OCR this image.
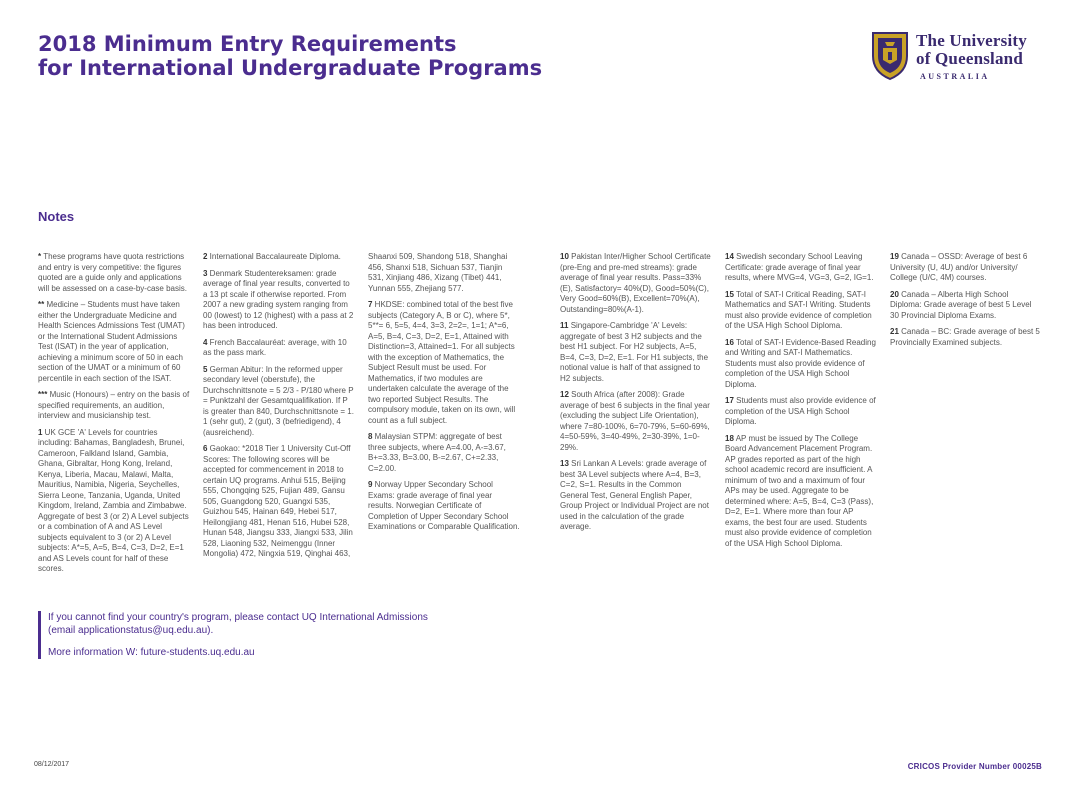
2018 Minimum Entry Requirements
for International Undergraduate Programs
The University
of Queensland
AUSTRALIA
Notes

* These programs have quota restrictions and entry is very competitive: the figures quoted are a guide only and applications will be assessed on a case-by-case basis.

** Medicine – Students must have taken either the Undergraduate Medicine and Health Sciences Admissions Test (UMAT) or the International Student Admissions Test (ISAT) in the year of application, achieving a minimum score of 50 in each section of the UMAT or a minimum of 60 percentile in each section of the ISAT.

*** Music (Honours) – entry on the basis of specified requirements, an audition, interview and musicianship test.

1 UK GCE 'A' Levels for countries including: Bahamas, Bangladesh, Brunei, Cameroon, Falkland Island, Gambia, Ghana, Gibraltar, Hong Kong, Ireland, Kenya, Liberia, Macau, Malawi, Malta, Mauritius, Namibia, Nigeria, Seychelles, Sierra Leone, Tanzania, Uganda, United Kingdom, Ireland, Zambia and Zimbabwe. Aggregate of best 3 (or 2) A Level subjects or a combination of A and AS Level subjects equivalent to 3 (or 2) A Level subjects: A*=5, A=5, B=4, C=3, D=2, E=1 and AS Levels count for half of these scores.

2 International Baccalaureate Diploma.

3 Denmark Studentereksamen: grade average of final year results, converted to a 13 pt scale if otherwise reported. From 2007 a new grading system ranging from 00 (lowest) to 12 (highest) with a pass at 2 has been introduced.

4 French Baccalauréat: average, with 10 as the pass mark.

5 German Abitur: In the reformed upper secondary level (oberstufe), the Durchschnittsnote = 5 2/3 - P/180 where P = Punktzahl der Gesamtqualifikation. If P is greater than 840, Durchschnittsnote = 1. 1 (sehr gut), 2 (gut), 3 (befriedigend), 4 (ausreichend).

6 Gaokao: *2018 Tier 1 University Cut-Off Scores: The following scores will be accepted for commencement in 2018 to certain UQ programs. Anhui 515, Beijing 555, Chongqing 525, Fujian 489, Gansu 505, Guangdong 520, Guangxi 535, Guizhou 545, Hainan 649, Hebei 517, Heilongjiang 481, Henan 516, Hubei 528, Hunan 548, Jiangsu 333, Jiangxi 533, Jilin 528, Liaoning 532, Neimenggu (Inner Mongolia) 472, Ningxia 519, Qinghai 463,

Shaanxi 509, Shandong 518, Shanghai 456, Shanxi 518, Sichuan 537, Tianjin 531, Xinjiang 486, Xizang (Tibet) 441, Yunnan 555, Zhejiang 577.

7 HKDSE: combined total of the best five subjects (Category A, B or C), where 5*, 5**= 6, 5=5, 4=4, 3=3, 2=2=, 1=1; A*=6, A=5, B=4, C=3, D=2, E=1, Attained with Distinction=3, Attained=1. For all subjects with the exception of Mathematics, the Subject Result must be used. For Mathematics, if two modules are undertaken calculate the average of the two reported Subject Results. The compulsory module, taken on its own, will count as a full subject.

8 Malaysian STPM: aggregate of best three subjects, where A=4.00, A-=3.67, B+=3.33, B=3.00, B-=2.67, C+=2.33, C=2.00.

9 Norway Upper Secondary School Exams: grade average of final year results. Norwegian Certificate of Completion of Upper Secondary School Examinations or Comparable Qualification.

10 Pakistan Inter/Higher School Certificate (pre-Eng and pre-med streams): grade average of final year results. Pass=33%(E), Satisfactory= 40%(D), Good=50%(C), Very Good=60%(B), Excellent=70%(A), Outstanding=80%(A-1).

11 Singapore-Cambridge 'A' Levels: aggregate of best 3 H2 subjects and the best H1 subject. For H2 subjects, A=5, B=4, C=3, D=2, E=1. For H1 subjects, the notional value is half of that assigned to H2 subjects.

12 South Africa (after 2008): Grade average of best 6 subjects in the final year (excluding the subject Life Orientation), where 7=80-100%, 6=70-79%, 5=60-69%, 4=50-59%, 3=40-49%, 2=30-39%, 1=0-29%.

13 Sri Lankan A Levels: grade average of best 3A Level subjects where A=4, B=3, C=2, S=1. Results in the Common General Test, General English Paper, Group Project or Individual Project are not used in the calculation of the grade average.

14 Swedish secondary School Leaving Certificate: grade average of final year results, where MVG=4, VG=3, G=2, IG=1.

15 Total of SAT-I Critical Reading, SAT-I Mathematics and SAT-I Writing. Students must also provide evidence of completion of the USA High School Diploma.

16 Total of SAT-I Evidence-Based Reading and Writing and SAT-I Mathematics. Students must also provide evidence of completion of the USA High School Diploma.

17 Students must also provide evidence of completion of the USA High School Diploma.

18 AP must be issued by The College Board Advancement Placement Program. AP grades reported as part of the high school academic record are insufficient. A minimum of two and a maximum of four APs may be used. Aggregate to be determined where: A=5, B=4, C=3 (Pass), D=2, E=1. Where more than four AP exams, the best four are used. Students must also provide evidence of completion of the USA High School Diploma.

19 Canada – OSSD: Average of best 6 University (U, 4U) and/or University/ College (U/C, 4M) courses.

20 Canada – Alberta High School Diploma: Grade average of best 5 Level 30 Provincial Diploma Exams.

21 Canada – BC: Grade average of best 5 Provincially Examined subjects.

If you cannot find your country's program, please contact UQ International Admissions

(email applicationstatus@uq.edu.au).

More information W: future-students.uq.edu.au

08/12/2017	CRICOS Provider Number 00025B
